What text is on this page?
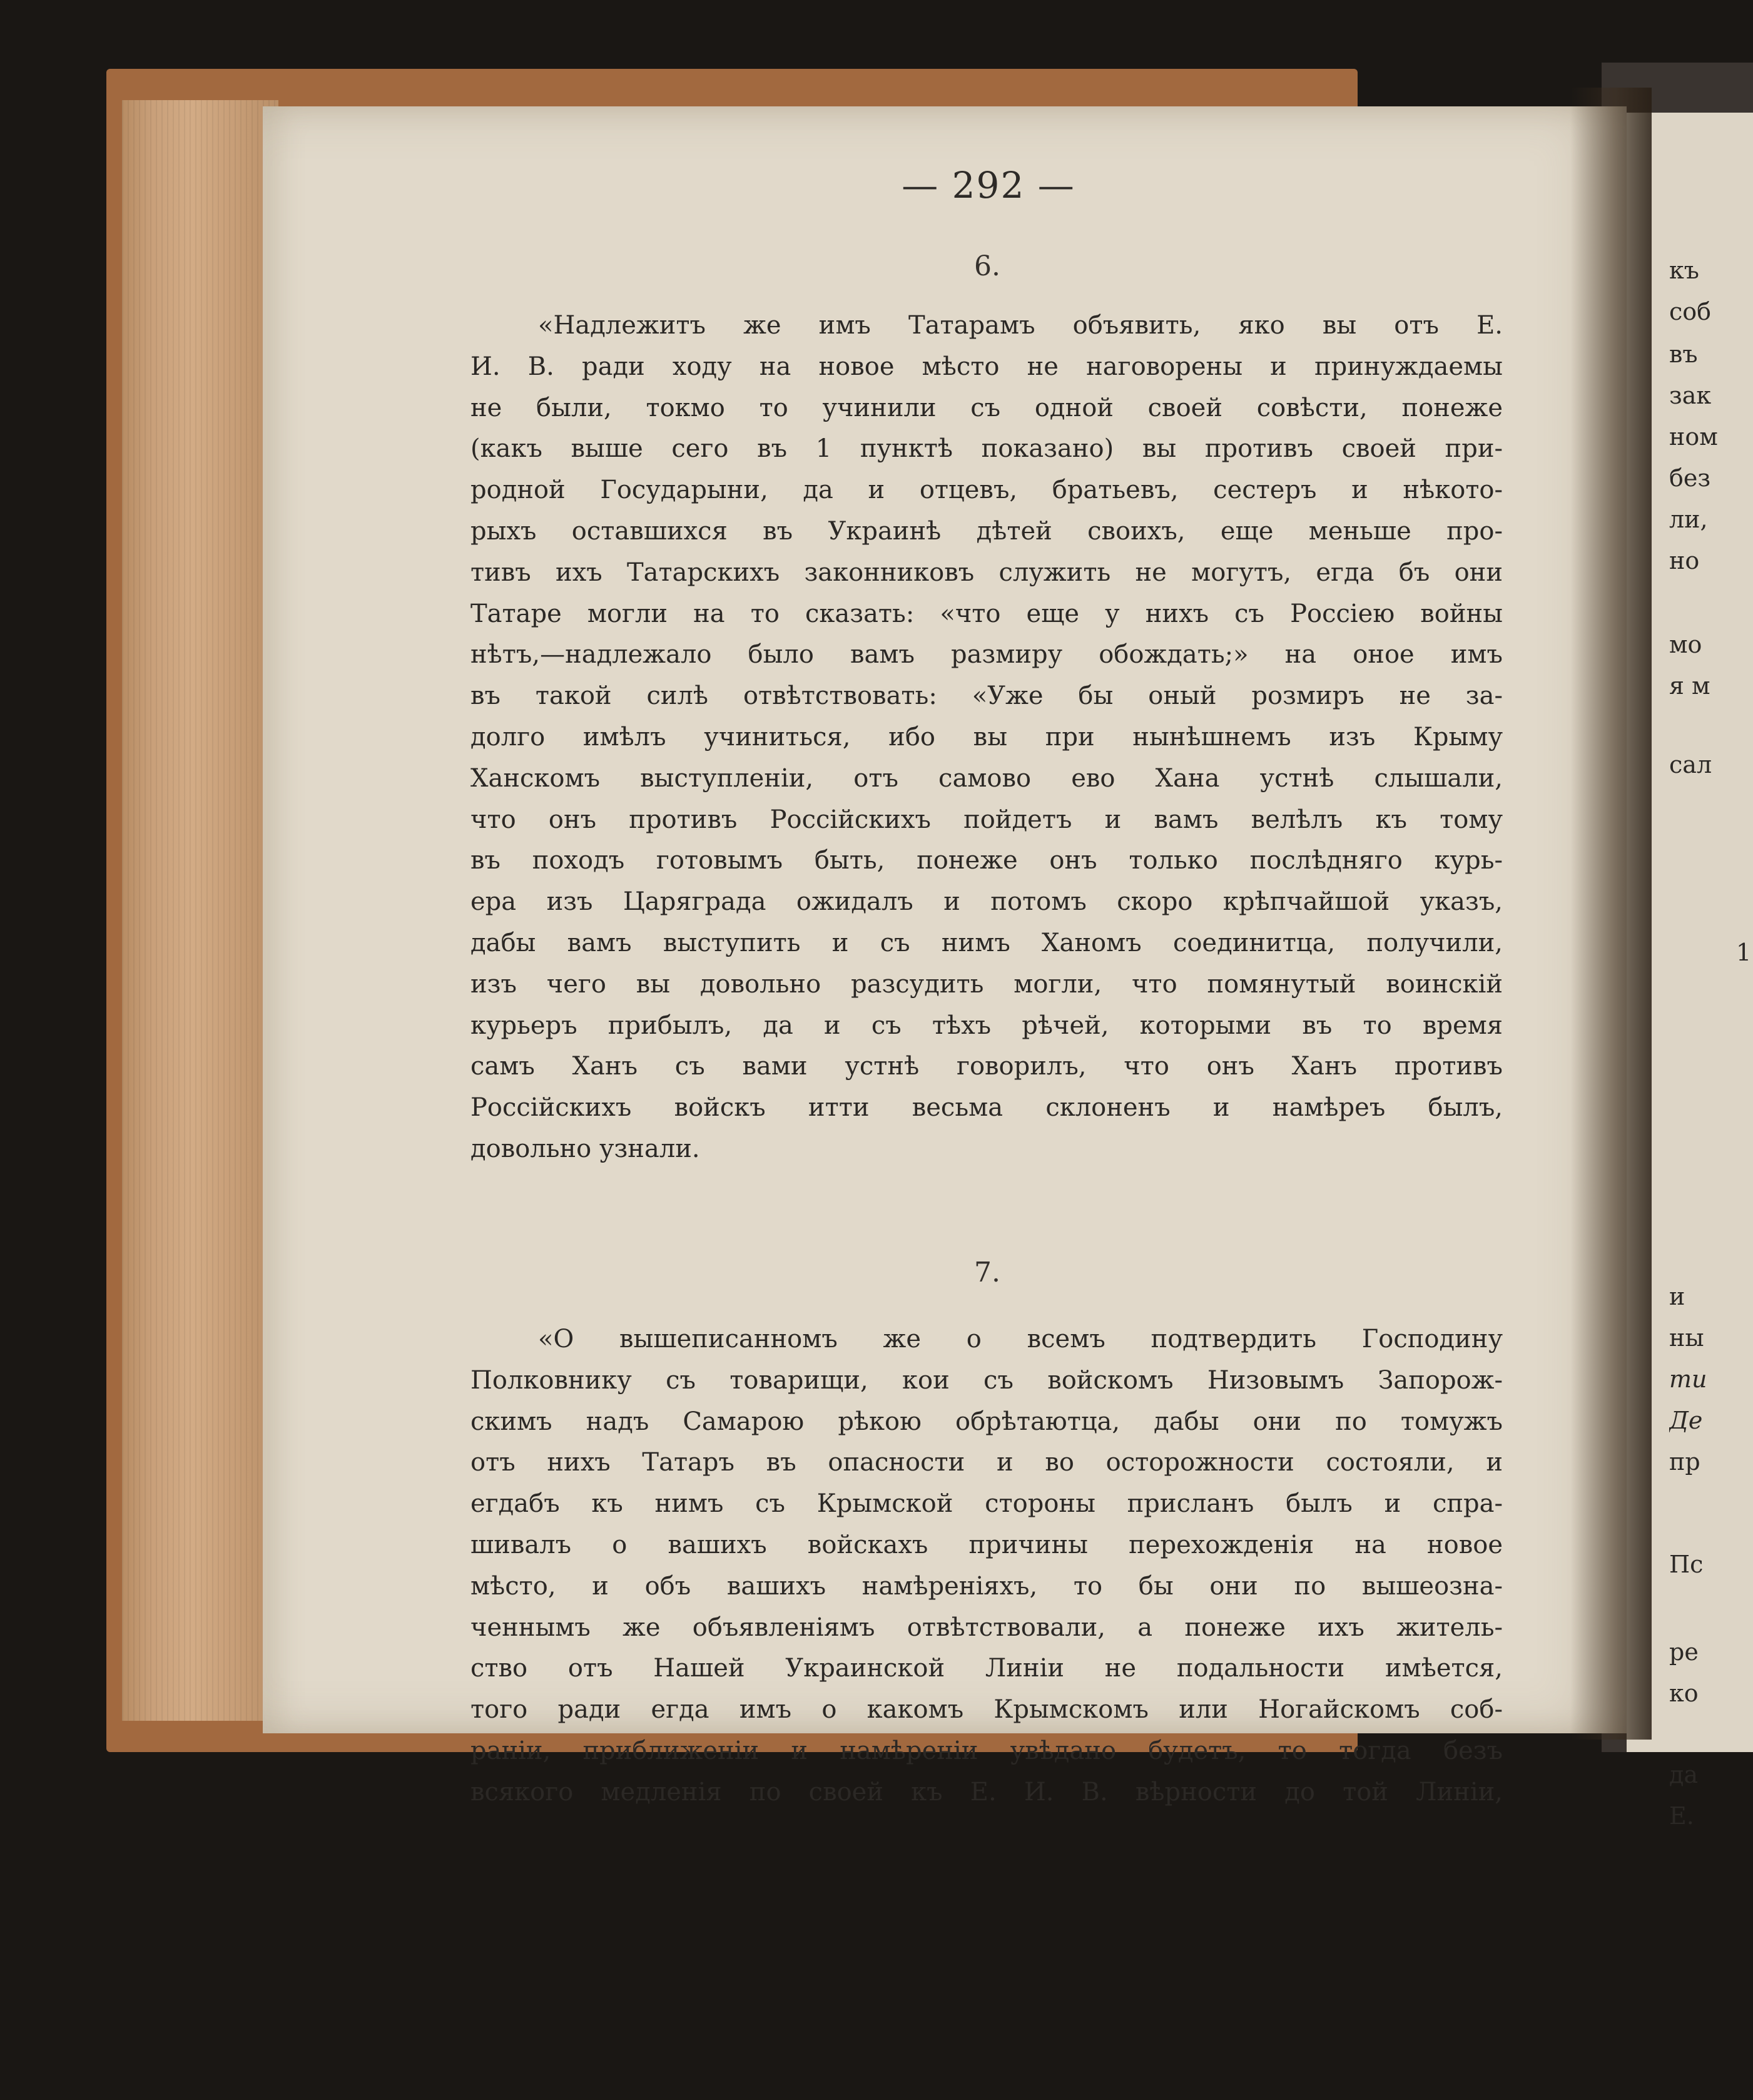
— 292 —
6.
«Надлежитъ же имъ Татарамъ объявить, яко вы отъ Е.
И. В. ради ходу на новое мѣсто не наговорены и принуждаемы
не были, токмо то учинили съ одной своей совѣсти, понеже
(какъ выше сего въ 1 пунктѣ показано) вы противъ своей при-
родной Государыни, да и отцевъ, братьевъ, сестеръ и нѣкото-
рыхъ оставшихся въ Украинѣ дѣтей своихъ, еще меньше про-
тивъ ихъ Татарскихъ законниковъ служить не могутъ, егда бъ они
Татаре могли на то сказать: «что еще у нихъ съ Россіею войны
нѣтъ,—надлежало было вамъ размиру обождать;» на оное имъ
въ такой силѣ отвѣтствовать: «Уже бы оный розмиръ не за-
долго имѣлъ учиниться, ибо вы при нынѣшнемъ изъ Крыму
Ханскомъ выступленіи, отъ самово ево Хана устнѣ слышали,
что онъ противъ Россійскихъ пойдетъ и вамъ велѣлъ къ тому
въ походъ готовымъ быть, понеже онъ только послѣдняго курь-
ера изъ Царяграда ожидалъ и потомъ скоро крѣпчайшой указъ,
дабы вамъ выступить и съ нимъ Ханомъ соединитца, получили,
изъ чего вы довольно разсудить могли, что помянутый воинскій
курьеръ прибылъ, да и съ тѣхъ рѣчей, которыми въ то время
самъ Ханъ съ вами устнѣ говорилъ, что онъ Ханъ противъ
Россійскихъ войскъ итти весьма склоненъ и намѣреъ былъ,
довольно узнали.
7.
«О вышеписанномъ же о всемъ подтвердить Господину
Полковнику съ товарищи, кои съ войскомъ Низовымъ Запорож-
скимъ надъ Самарою рѣкою обрѣтаютца, дабы они по томужъ
отъ нихъ Татаръ въ опасности и во осторожности состояли, и
егдабъ къ нимъ съ Крымской стороны присланъ былъ и спра-
шивалъ о вашихъ войскахъ причины перехожденія на новое
мѣсто, и объ вашихъ намѣреніяхъ, то бы они по вышеозна-
ченнымъ же объявленіямъ отвѣтствовали, а понеже ихъ житель-
ство отъ Нашей Украинской Линіи не подальности имѣется,
того ради егда имъ о какомъ Крымскомъ или Ногайскомъ соб-
раніи, приближеніи и намѣреніи увѣдано будетъ, то тогда безъ
всякого медленія по своей къ Е. И. В. вѣрности до той Линіи,
къ
соб
въ
зак
ном
без
ли,
но
мо
я м
сал
1
и
ны
ти
Де
пр
Пс
ре
ко
да
Е.
